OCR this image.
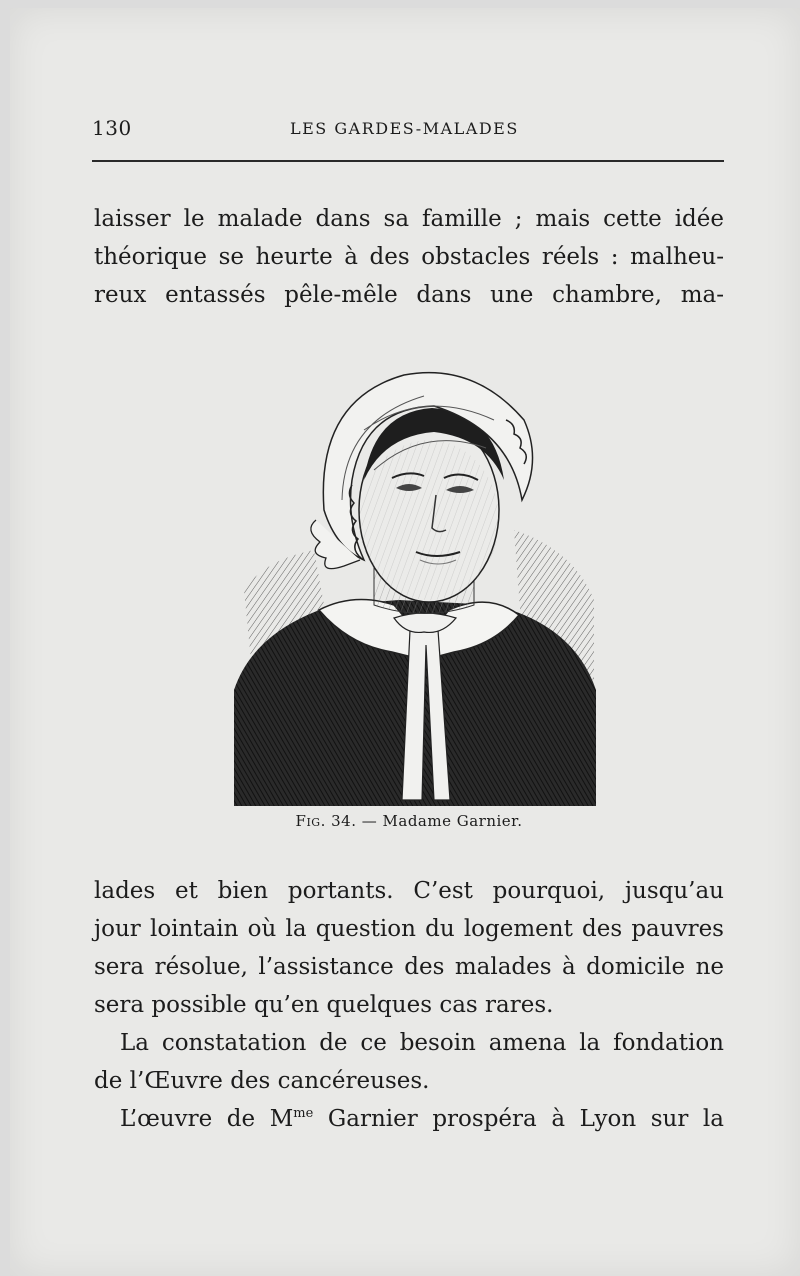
130	LES GARDES-MALADES
laisser le malade dans sa famille ; mais cette idée
théorique se heurte à des obstacles réels : malheu-
reux entassés pêle-mêle dans une chambre, ma-
Fig. 34. — Madame Garnier.
lades et bien portants. C’est pourquoi, jusqu’au
jour lointain où la question du logement des pauvres
sera résolue, l’assistance des malades à domicile ne
sera possible qu’en quelques cas rares.
La constatation de ce besoin amena la fondation
de l’Œuvre des cancéreuses.
L’œuvre de $M^{me}$ Garnier prospéra à Lyon sur la
